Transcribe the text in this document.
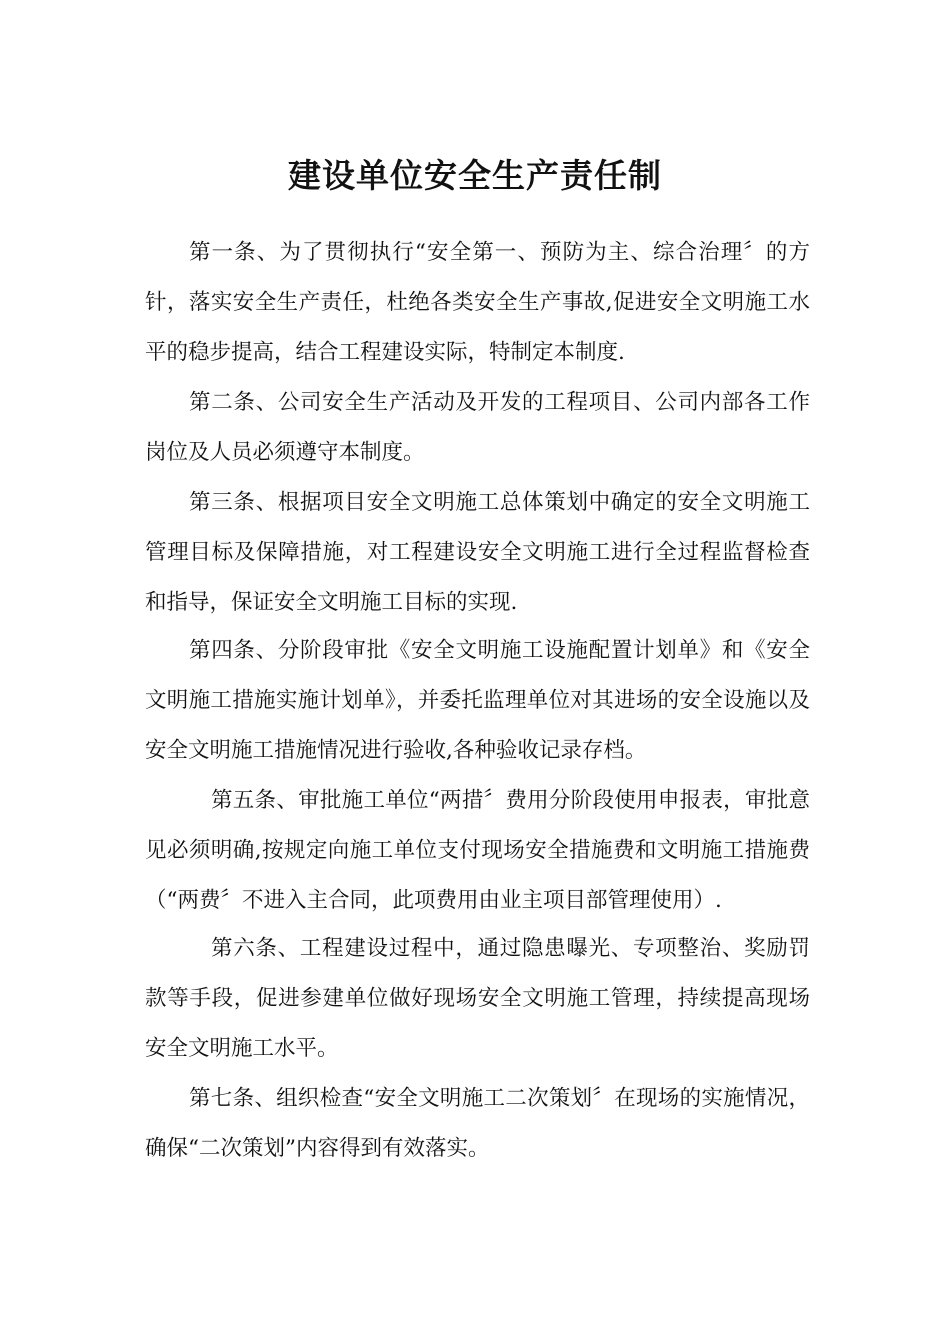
建设单位安全生产责任制

第一条、为了贯彻执行“安全第一、预防为主、综合治理〞的方针，落实安全生产责任，杜绝各类安全生产事故,促进安全文明施工水平的稳步提高，结合工程建设实际，特制定本制度.

第二条、公司安全生产活动及开发的工程项目、公司内部各工作岗位及人员必须遵守本制度。

第三条、根据项目安全文明施工总体策划中确定的安全文明施工管理目标及保障措施，对工程建设安全文明施工进行全过程监督检查和指导，保证安全文明施工目标的实现.

第四条、分阶段审批《安全文明施工设施配置计划单》和《安全文明施工措施实施计划单》，并委托监理单位对其进场的安全设施以及安全文明施工措施情况进行验收,各种验收记录存档。

第五条、审批施工单位“两措〞费用分阶段使用申报表，审批意见必须明确,按规定向施工单位支付现场安全措施费和文明施工措施费（“两费〞不进入主合同，此项费用由业主项目部管理使用）.

第六条、工程建设过程中，通过隐患曝光、专项整治、奖励罚款等手段，促进参建单位做好现场安全文明施工管理，持续提高现场安全文明施工水平。

第七条、组织检查“安全文明施工二次策划〞在现场的实施情况，确保“二次策划”内容得到有效落实。
